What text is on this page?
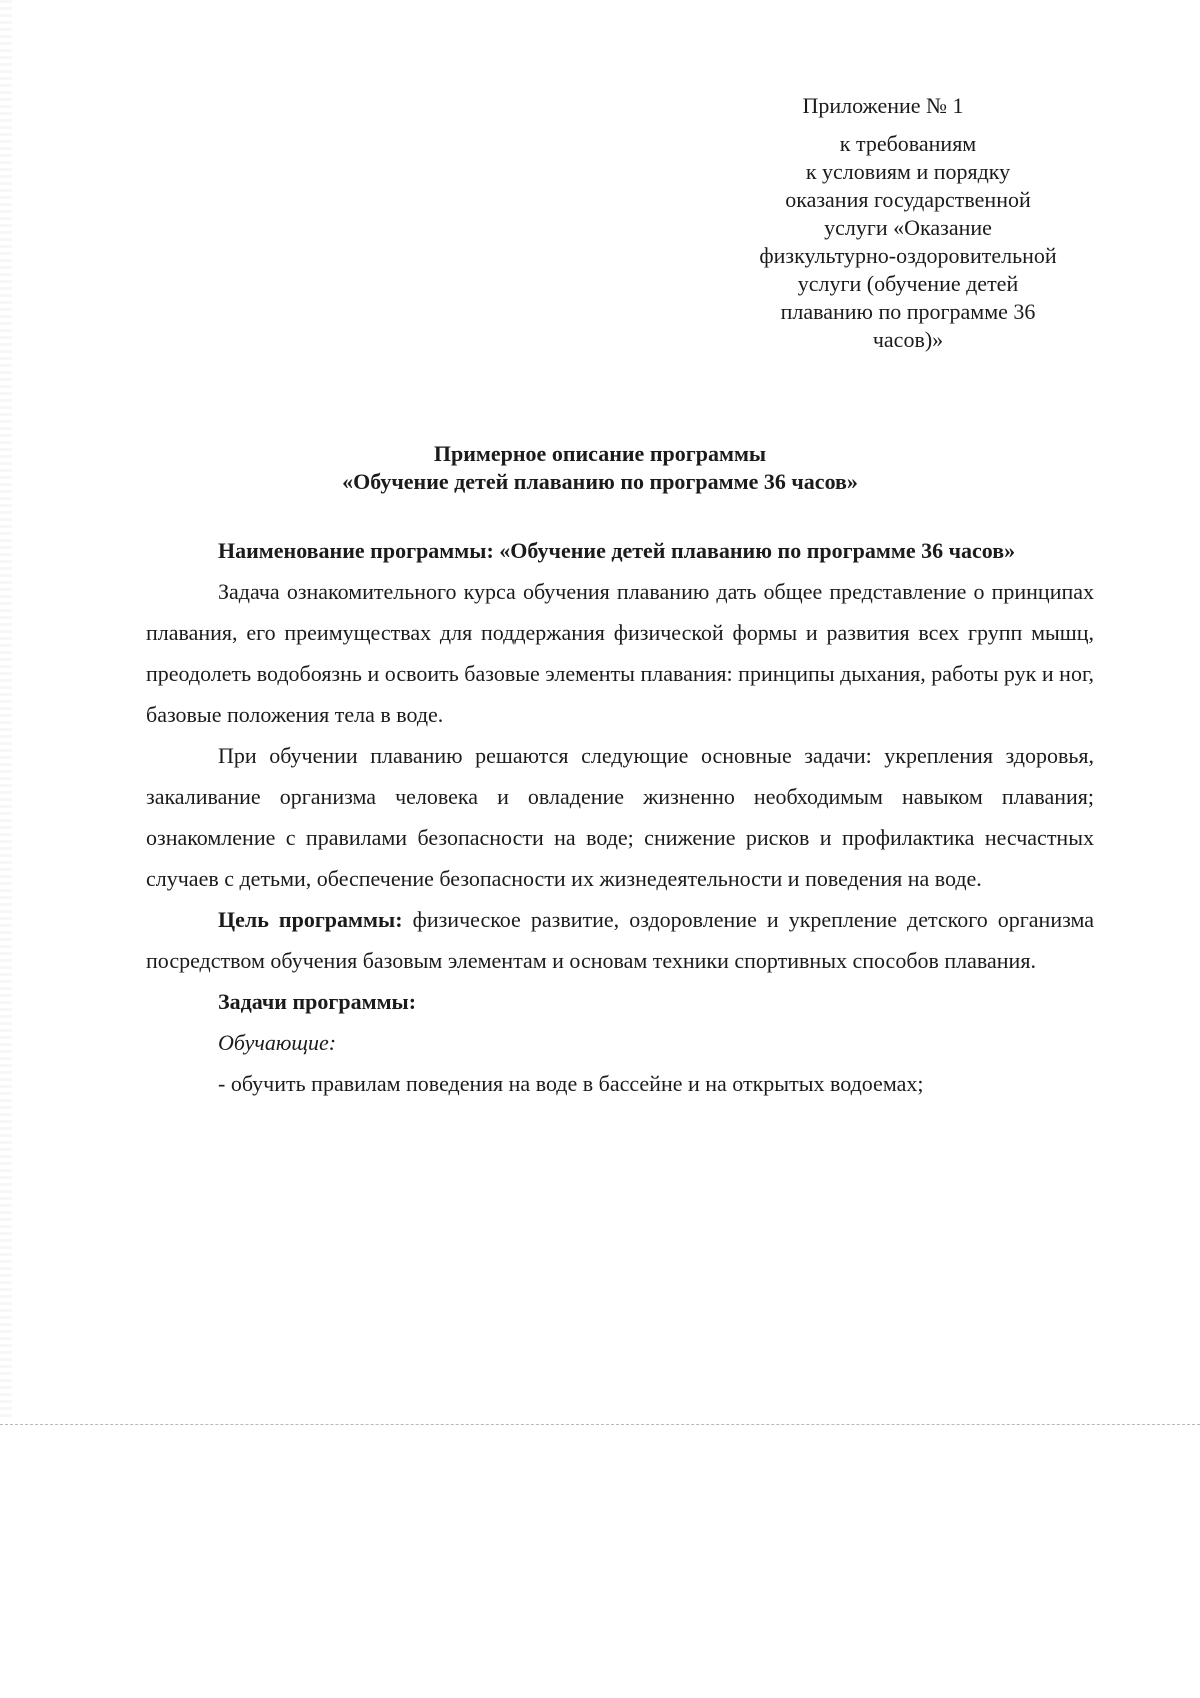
Приложение № 1
к требованиям
к условиям и порядку
оказания государственной
услуги «Оказание
физкультурно-оздоровительной
услуги (обучение детей
плаванию по программе 36
часов)»
Примерное описание программы
«Обучение детей плаванию по программе 36 часов»

Наименование программы: «Обучение детей плаванию по программе 36 часов»

Задача ознакомительного курса обучения плаванию дать общее представление о принципах плавания, его преимуществах для поддержания физической формы и развития всех групп мышц, преодолеть водобоязнь и освоить базовые элементы плавания: принципы дыхания, работы рук и ног, базовые положения тела в воде.

При обучении плаванию решаются следующие основные задачи: укрепления здоровья, закаливание организма человека и овладение жизненно необходимым навыком плавания; ознакомление с правилами безопасности на воде; снижение рисков и профилактика несчастных случаев с детьми, обеспечение безопасности их жизнедеятельности и поведения на воде.

Цель программы: физическое развитие, оздоровление и укрепление детского организма посредством обучения базовым элементам и основам техники спортивных способов плавания.

Задачи программы:

Обучающие:

- обучить правилам поведения на воде в бассейне и на открытых водоемах;
